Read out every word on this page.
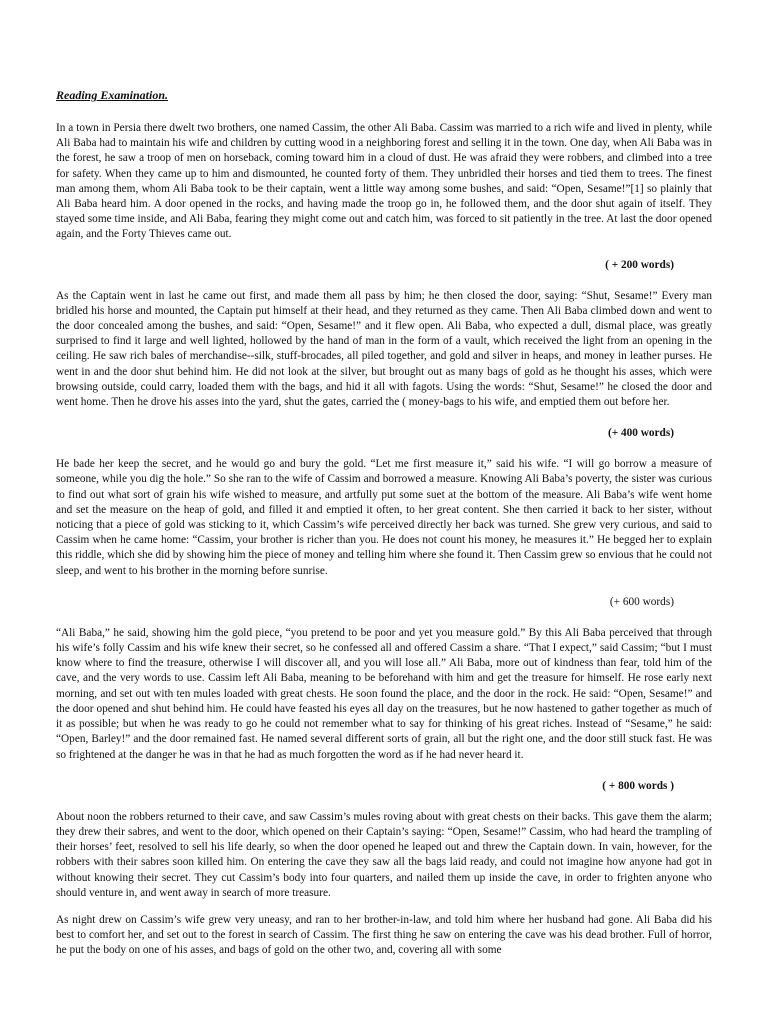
Reading Examination.

In a town in Persia there dwelt two brothers, one named Cassim, the other Ali Baba. Cassim was married to a rich wife and lived in plenty, while Ali Baba had to maintain his wife and children by cutting wood in a neighboring forest and selling it in the town. One day, when Ali Baba was in the forest, he saw a troop of men on horseback, coming toward him in a cloud of dust. He was afraid they were robbers, and climbed into a tree for safety. When they came up to him and dismounted, he counted forty of them. They unbridled their horses and tied them to trees. The finest man among them, whom Ali Baba took to be their captain, went a little way among some bushes, and said: “Open, Sesame!”[1] so plainly that Ali Baba heard him. A door opened in the rocks, and having made the troop go in, he followed them, and the door shut again of itself. They stayed some time inside, and Ali Baba, fearing they might come out and catch him, was forced to sit patiently in the tree. At last the door opened again, and the Forty Thieves came out.

( + 200 words)

As the Captain went in last he came out first, and made them all pass by him; he then closed the door, saying: “Shut, Sesame!” Every man bridled his horse and mounted, the Captain put himself at their head, and they returned as they came. Then Ali Baba climbed down and went to the door concealed among the bushes, and said: “Open, Sesame!” and it flew open. Ali Baba, who expected a dull, dismal place, was greatly surprised to find it large and well lighted, hollowed by the hand of man in the form of a vault, which received the light from an opening in the ceiling. He saw rich bales of merchandise--silk, stuff-brocades, all piled together, and gold and silver in heaps, and money in leather purses. He went in and the door shut behind him. He did not look at the silver, but brought out as many bags of gold as he thought his asses, which were browsing outside, could carry, loaded them with the bags, and hid it all with fagots. Using the words: “Shut, Sesame!” he closed the door and went home. Then he drove his asses into the yard, shut the gates, carried the ( money-bags to his wife, and emptied them out before her.

(+ 400 words)

He bade her keep the secret, and he would go and bury the gold. “Let me first measure it,” said his wife. “I will go borrow a measure of someone, while you dig the hole.” So she ran to the wife of Cassim and borrowed a measure. Knowing Ali Baba’s poverty, the sister was curious to find out what sort of grain his wife wished to measure, and artfully put some suet at the bottom of the measure. Ali Baba’s wife went home and set the measure on the heap of gold, and filled it and emptied it often, to her great content. She then carried it back to her sister, without noticing that a piece of gold was sticking to it, which Cassim’s wife perceived directly her back was turned. She grew very curious, and said to Cassim when he came home: “Cassim, your brother is richer than you. He does not count his money, he measures it.” He begged her to explain this riddle, which she did by showing him the piece of money and telling him where she found it. Then Cassim grew so envious that he could not sleep, and went to his brother in the morning before sunrise.

(+ 600 words)

“Ali Baba,” he said, showing him the gold piece, “you pretend to be poor and yet you measure gold.” By this Ali Baba perceived that through his wife’s folly Cassim and his wife knew their secret, so he confessed all and offered Cassim a share. “That I expect,” said Cassim; “but I must know where to find the treasure, otherwise I will discover all, and you will lose all.” Ali Baba, more out of kindness than fear, told him of the cave, and the very words to use. Cassim left Ali Baba, meaning to be beforehand with him and get the treasure for himself. He rose early next morning, and set out with ten mules loaded with great chests. He soon found the place, and the door in the rock. He said: “Open, Sesame!” and the door opened and shut behind him. He could have feasted his eyes all day on the treasures, but he now hastened to gather together as much of it as possible; but when he was ready to go he could not remember what to say for thinking of his great riches. Instead of “Sesame,” he said: “Open, Barley!” and the door remained fast. He named several different sorts of grain, all but the right one, and the door still stuck fast. He was so frightened at the danger he was in that he had as much forgotten the word as if he had never heard it.

( + 800 words )

About noon the robbers returned to their cave, and saw Cassim’s mules roving about with great chests on their backs. This gave them the alarm; they drew their sabres, and went to the door, which opened on their Captain’s saying: “Open, Sesame!” Cassim, who had heard the trampling of their horses’ feet, resolved to sell his life dearly, so when the door opened he leaped out and threw the Captain down. In vain, however, for the robbers with their sabres soon killed him. On entering the cave they saw all the bags laid ready, and could not imagine how anyone had got in without knowing their secret. They cut Cassim’s body into four quarters, and nailed them up inside the cave, in order to frighten anyone who should venture in, and went away in search of more treasure.

As night drew on Cassim’s wife grew very uneasy, and ran to her brother-in-law, and told him where her husband had gone. Ali Baba did his best to comfort her, and set out to the forest in search of Cassim. The first thing he saw on entering the cave was his dead brother. Full of horror, he put the body on one of his asses, and bags of gold on the other two, and, covering all with some
